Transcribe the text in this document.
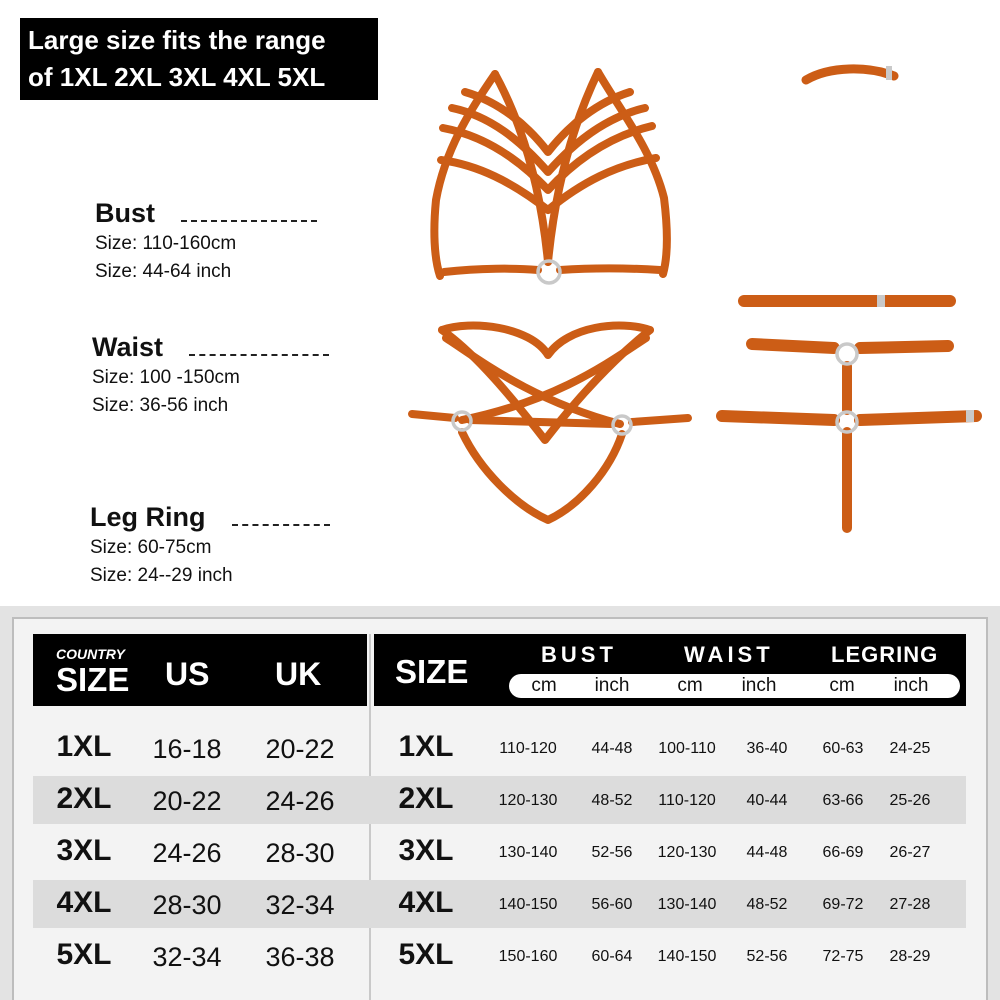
Large size fits the range
of 1XL 2XL 3XL 4XL 5XL
Bust
Size: 110-160cm
Size: 44-64 inch
Waist
Size: 100 -150cm
Size: 36-56 inch
Leg Ring
Size: 60-75cm
Size: 24--29 inch
COUNTRY
SIZE US UK SIZE	BUST	WAIST	LEGRING
cm	inch	cm	inch	cm	inch
1XL	16-18	20-22	1XL	110-120	44-48	100-110	36-40	60-63	24-25
2XL	20-22	24-26	2XL	120-130	48-52	110-120	40-44	63-66	25-26
3XL	24-26	28-30	3XL	130-140	52-56	120-130	44-48	66-69	26-27
4XL	28-30	32-34	4XL	140-150	56-60	130-140	48-52	69-72	27-28
5XL	32-34	36-38	5XL	150-160	60-64	140-150	52-56	72-75	28-29
